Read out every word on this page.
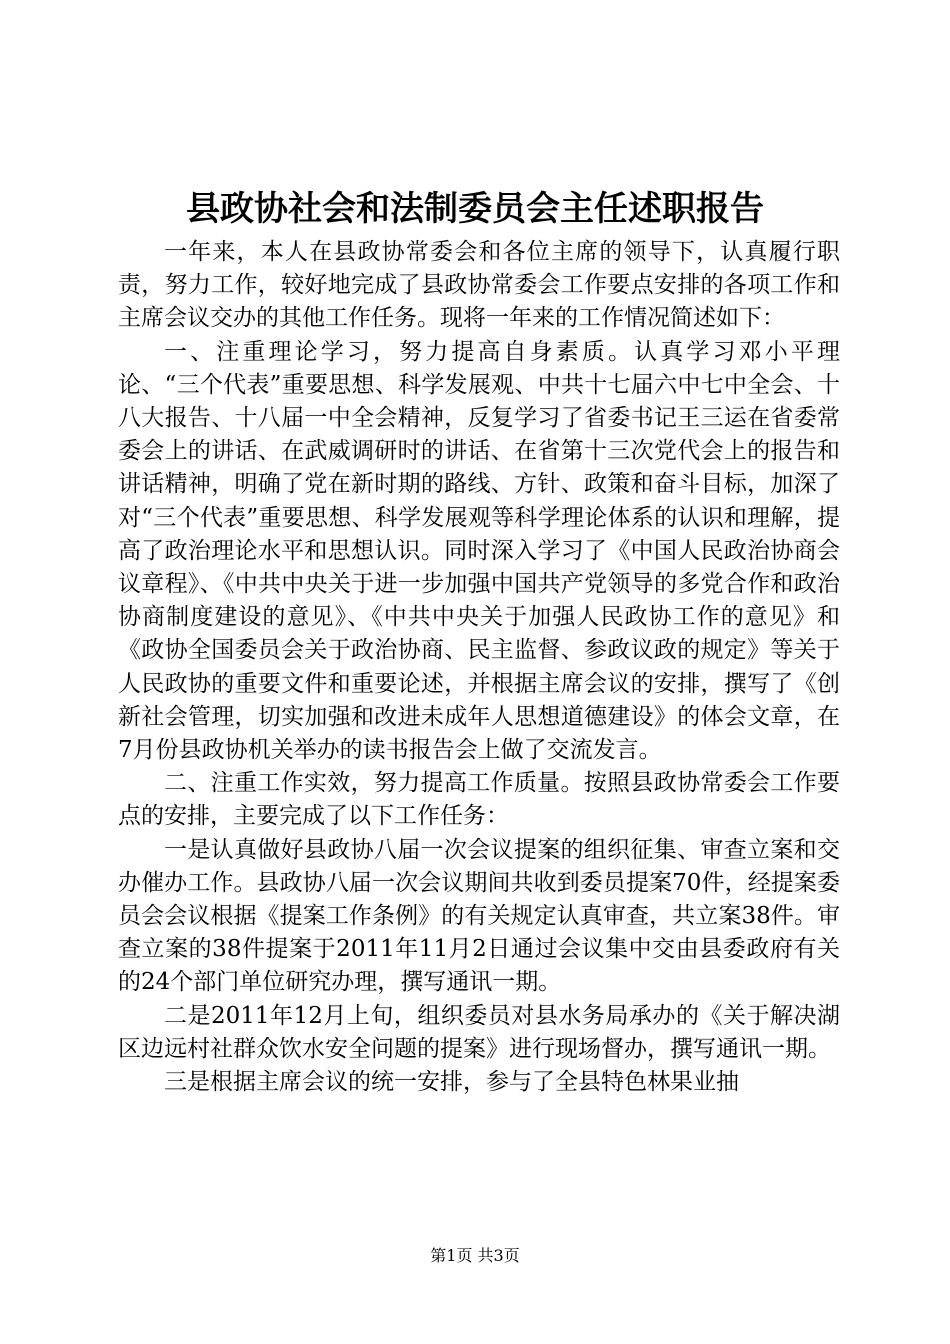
县政协社会和法制委员会主任述职报告

一年来，本人在县政协常委会和各位主席的领导下，认真履行职责，努力工作，较好地完成了县政协常委会工作要点安排的各项工作和主席会议交办的其他工作任务。现将一年来的工作情况简述如下：

一、注重理论学习，努力提高自身素质。认真学习邓小平理论、“三个代表”重要思想、科学发展观、中共十七届六中七中全会、十八大报告、十八届一中全会精神，反复学习了省委书记王三运在省委常委会上的讲话、在武威调研时的讲话、在省第十三次党代会上的报告和讲话精神，明确了党在新时期的路线、方针、政策和奋斗目标，加深了对“三个代表”重要思想、科学发展观等科学理论体系的认识和理解，提高了政治理论水平和思想认识。同时深入学习了《中国人民政治协商会议章程》、《中共中央关于进一步加强中国共产党领导的多党合作和政治协商制度建设的意见》、《中共中央关于加强人民政协工作的意见》和《政协全国委员会关于政治协商、民主监督、参政议政的规定》等关于人民政协的重要文件和重要论述，并根据主席会议的安排，撰写了《创新社会管理，切实加强和改进未成年人思想道德建设》的体会文章，在7月份县政协机关举办的读书报告会上做了交流发言。

二、注重工作实效，努力提高工作质量。按照县政协常委会工作要点的安排，主要完成了以下工作任务：

一是认真做好县政协八届一次会议提案的组织征集、审查立案和交办催办工作。县政协八届一次会议期间共收到委员提案70件，经提案委员会会议根据《提案工作条例》的有关规定认真审查，共立案38件。审查立案的38件提案于2011年11月2日通过会议集中交由县委政府有关的24个部门单位研究办理，撰写通讯一期。

二是2011年12月上旬，组织委员对县水务局承办的《关于解决湖区边远村社群众饮水安全问题的提案》进行现场督办，撰写通讯一期。

三是根据主席会议的统一安排，参与了全县特色林果业抽

第1页 共3页
